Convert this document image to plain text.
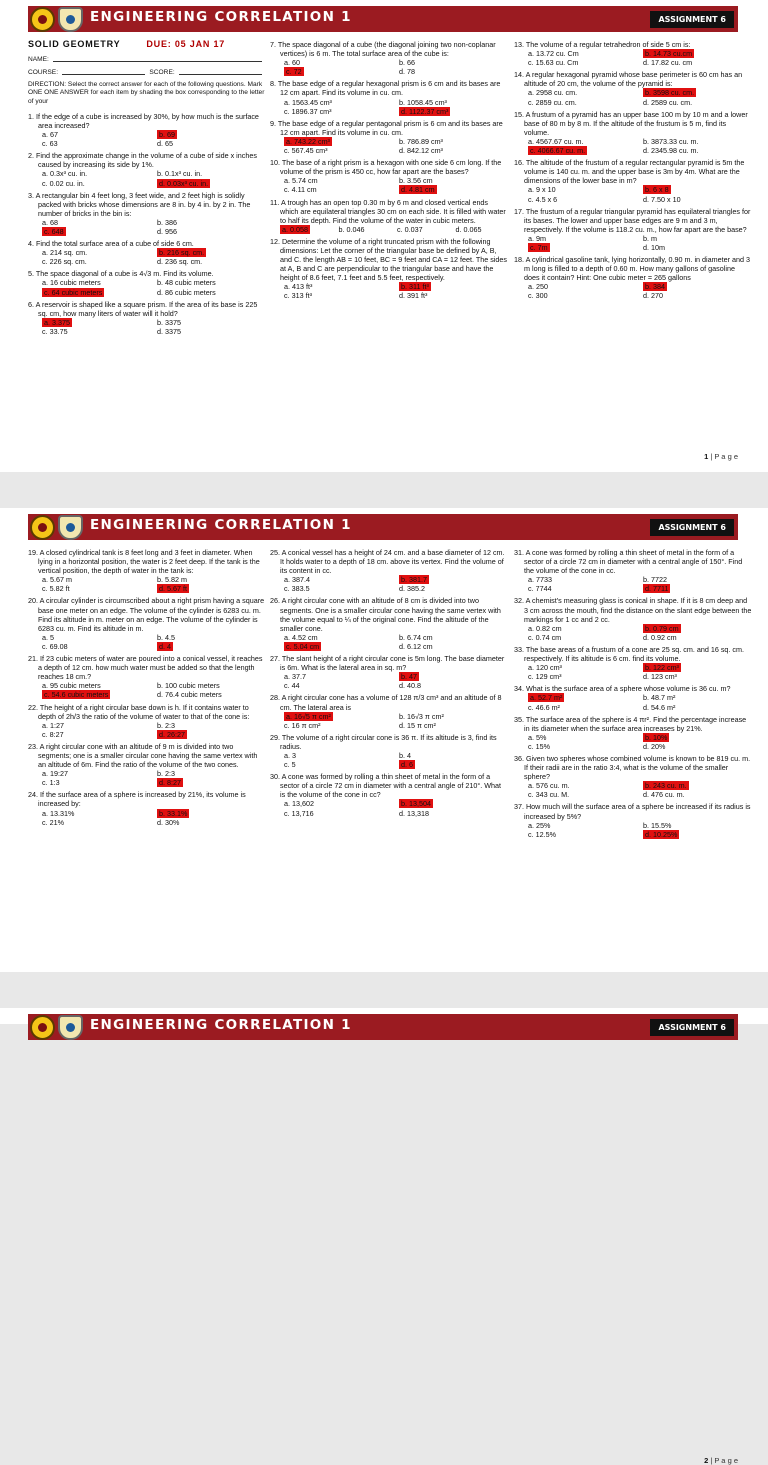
ENGINEERING CORRELATION 1	ASSIGNMENT 6
SOLID GEOMETRY	DUE: 05 JAN 17
NAME:
COURSE:	SCORE:
DIRECTION: Select the correct answer for each of the following questions. Mark ONE ONE ANSWER for each item by shading the box corresponding to the letter of your
1. If the edge of a cube is increased by 30%, by how much is the surface area increased?
a. 67	b. 69
c. 63	d. 65
2. Find the approximate change in the volume of a cube of side x inches caused by increasing its side by 1%.
a. 0.3x³ cu. in.	b. 0.1x³ cu. in.
c. 0.02 cu. in.	d. 0.03x³ cu. in.
3. A rectangular bin 4 feet long, 3 feet wide, and 2 feet high is solidly packed with bricks whose dimensions are 8 in. by 4 in. by 2 in. The number of bricks in the bin is:
a. 68	b. 386
c. 648	d. 956
4. Find the total surface area of a cube of side 6 cm.
a. 214 sq. cm.	b. 216 sq. cm.
c. 226 sq. cm.	d. 236 sq. cm.
5. The space diagonal of a cube is 4√3 m. Find its volume.
a. 16 cubic meters	b. 48 cubic meters
c. 64 cubic meters	d. 86 cubic meters
6. A reservoir is shaped like a square prism. If the area of its base is 225 sq. cm, how many liters of water will it hold?
a. 3.375	b. 3375
c. 33.75	d. 3375
7. The space diagonal of a cube (the diagonal joining two non-coplanar vertices) is 6 m. The total surface area of the cube is:
a. 60	b. 66
c. 72	d. 78
8. The base edge of a regular hexagonal prism is 6 cm and its bases are 12 cm apart. Find its volume in cu. cm.
a. 1563.45 cm³	b. 1058.45 cm³
c. 1896.37 cm³	d. 1122.37 cm³
9. The base edge of a regular pentagonal prism is 6 cm and its bases are 12 cm apart. Find its volume in cu. cm.
a. 743.22 cm³	b. 786.89 cm³
c. 567.45 cm³	d. 842.12 cm³
10. The base of a right prism is a hexagon with one side 6 cm long. If the volume of the prism is 450 cc, how far apart are the bases?
a. 5.74 cm	b. 3.56 cm
c. 4.11 cm	d. 4.81 cm
11. A trough has an open top 0.30 m by 6 m and closed vertical ends which are equilateral triangles 30 cm on each side. It is filled with water to half its depth. Find the volume of the water in cubic meters.
a. 0.058	b. 0.046	c. 0.037	d. 0.065
12. Determine the volume of a right truncated prism with the following dimensions: Let the corner of the triangular base be defined by A, B, and C. the length AB = 10 feet, BC = 9 feet and CA = 12 feet. The sides at A, B and C are perpendicular to the triangular base and have the height of 8.6 feet, 7.1 feet and 5.5 feet, respectively.
a. 413 ft³	b. 311 ft³
c. 313 ft³	d. 391 ft³
13. The volume of a regular tetrahedron of side 5 cm is:
a. 13.72 cu. Cm	b. 14.73 cu.cm
c. 15.63 cu. Cm	d. 17.82 cu. cm
14. A regular hexagonal pyramid whose base perimeter is 60 cm has an altitude of 20 cm, the volume of the pyramid is:
a. 2958 cu. cm.	b. 3598 cu. cm.
c. 2859 cu. cm.	d. 2589 cu. cm.
15. A frustum of a pyramid has an upper base 100 m by 10 m and a lower base of 80 m by 8 m. If the altitude of the frustum is 5 m, find its volume.
a. 4567.67 cu. m.	b. 3873.33 cu. m.
c. 4066.67 cu. m.	d. 2345.98 cu. m.
16. The altitude of the frustum of a regular rectangular pyramid is 5m the volume is 140 cu. m. and the upper base is 3m by 4m. What are the dimensions of the lower base in m?
a. 9 x 10	b. 6 x 8
c. 4.5 x 6	d. 7.50 x 10
17. The frustum of a regular triangular pyramid has equilateral triangles for its bases. The lower and upper base edges are 9 m and 3 m, respectively. If the volume is 118.2 cu. m., how far apart are the base?
a. 9m	b. m
c. 7m	d. 10m
18. A cylindrical gasoline tank, lying horizontally, 0.90 m. in diameter and 3 m long is filled to a depth of 0.60 m. How many gallons of gasoline does it contain? Hint: One cubic meter = 265 gallons
a. 250	b. 384
c. 300	d. 270
1 | P a g e
ENGINEERING CORRELATION 1	ASSIGNMENT 6
19. A closed cylindrical tank is 8 feet long and 3 feet in diameter. When lying in a horizontal position, the water is 2 feet deep. If the tank is the vertical position, the depth of water in the tank is:
a. 5.67 m	b. 5.82 m
c. 5.82 ft	d. 5.67 ft
20. A circular cylinder is circumscribed about a right prism having a square base one meter on an edge. The volume of the cylinder is 6283 cu. m. Find its altitude in m. meter on an edge. The volume of the cylinder is 6283 cu. m. Find its altitude in m.
a. 5	b. 4.5
c. 69.08	d. 4
21. If 23 cubic meters of water are poured into a conical vessel, it reaches a depth of 12 cm. how much water must be added so that the length reaches 18 cm.?
a. 95 cubic meters	b. 100 cubic meters
c. 54.6 cubic meters	d. 76.4 cubic meters
22. The height of a right circular base down is h. If it contains water to depth of 2h/3 the ratio of the volume of water to that of the cone is:
a. 1:27	b. 2:3
c. 8:27	d. 26:27
23. A right circular cone with an altitude of 9 m is divided into two segments; one is a smaller circular cone having the same vertex with an altitude of 6m. Find the ratio of the volume of the two cones.
a. 19:27	b. 2:3
c. 1:3	d. 8:27
24. If the surface area of a sphere is increased by 21%, its volume is increased by:
a. 13.31%	b. 33.1%
c. 21%	d. 30%
25. A conical vessel has a height of 24 cm. and a base diameter of 12 cm. It holds water to a depth of 18 cm. above its vertex. Find the volume of its content in cc.
a. 387.4	b. 381.7
c. 383.5	d. 385.2
26. A right circular cone with an altitude of 8 cm is divided into two segments. One is a smaller circular cone having the same vertex with the volume equal to ¼ of the original cone. Find the altitude of the smaller cone.
a. 4.52 cm	b. 6.74 cm
c. 5.04 cm	d. 6.12 cm
27. The slant height of a right circular cone is 5m long. The base diameter is 6m. What is the lateral area in sq. m?
a. 37.7	b. 47
c. 44	d. 40.8
28. A right circular cone has a volume of 128 π/3 cm³ and an altitude of 8 cm. The lateral area is
a. 16√5 π cm²	b. 16√3 π cm²
c. 16 π cm²	d. 15 π cm²
29. The volume of a right circular cone is 36 π. If its altitude is 3, find its radius.
a. 3	b. 4
c. 5	d. 6
30. A cone was formed by rolling a thin sheet of metal in the form of a sector of a circle 72 cm in diameter with a central angle of 210°. What is the volume of the cone in cc?
a. 13,602	b. 13,504
c. 13,716	d. 13,318
31. A cone was formed by rolling a thin sheet of metal in the form of a sector of a circle 72 cm in diameter with a central angle of 150°. Find the volume of the cone in cc.
a. 7733	b. 7722
c. 7744	d. 7711
32. A chemist's measuring glass is conical in shape. If it is 8 cm deep and 3 cm across the mouth, find the distance on the slant edge between the markings for 1 cc and 2 cc.
a. 0.82 cm	b. 0.79 cm
c. 0.74 cm	d. 0.92 cm
33. The base areas of a frustum of a cone are 25 sq. cm. and 16 sq. cm. respectively. If its altitude is 6 cm. find its volume.
a. 120 cm³	b. 122 cm³
c. 129 cm³	d. 123 cm³
34. What is the surface area of a sphere whose volume is 36 cu. m?
a. 52.7 m²	b. 48.7 m²
c. 46.6 m²	d. 54.6 m²
35. The surface area of the sphere is 4 πr². Find the percentage increase in its diameter when the surface area increases by 21%.
a. 5%	b. 10%
c. 15%	d. 20%
36. Given two spheres whose combined volume is known to be 819 cu. m. If their radii are in the ratio 3:4, what is the volume of the smaller sphere?
a. 576 cu. m.	b. 243 cu. m.
c. 343 cu. M.	d. 476 cu. m.
37. How much will the surface area of a sphere be increased if its radius is increased by 5%?
a. 25%	b. 15.5%
c. 12.5%	d. 10.25%
2 | P a g e
ENGINEERING CORRELATION 1	ASSIGNMENT 6
